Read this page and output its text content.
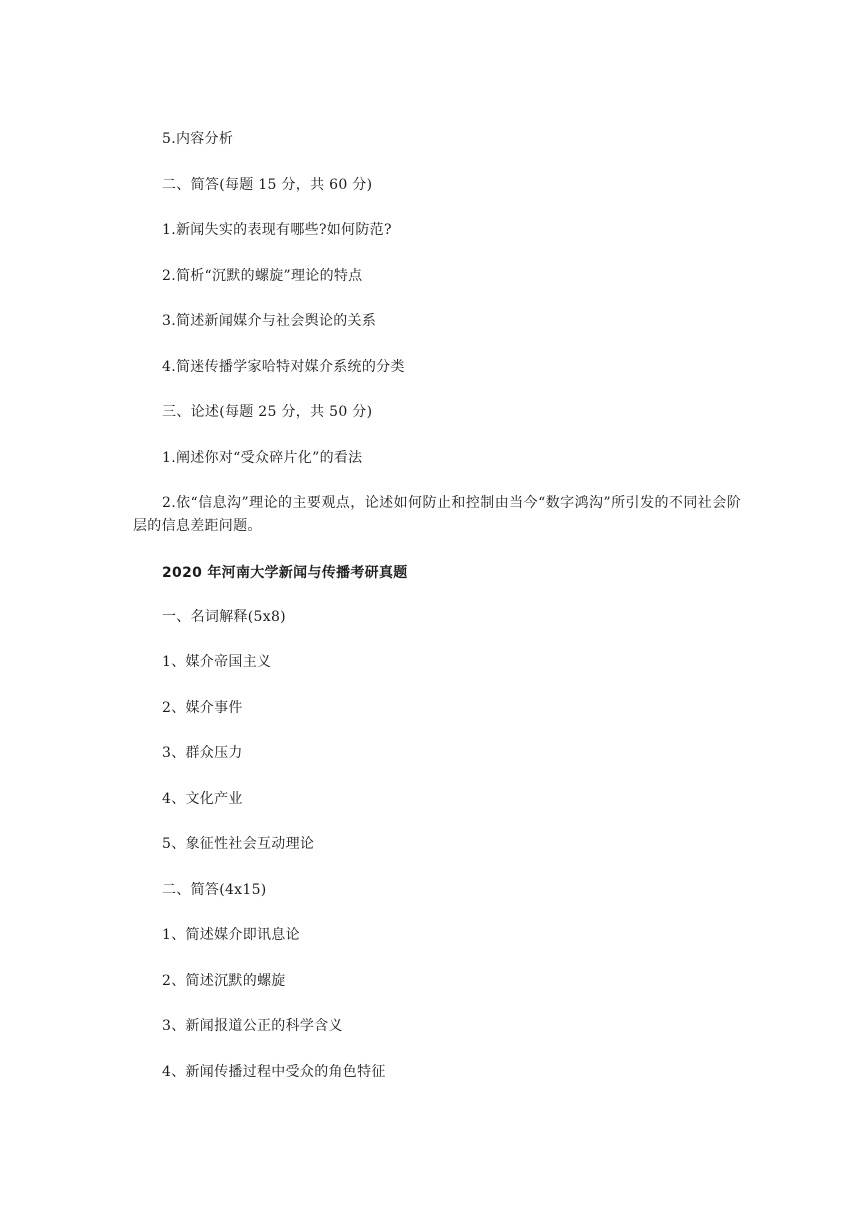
5.内容分析
二、简答(每题 15 分，共 60 分)
1.新闻失实的表现有哪些?如何防范?
2.简析“沉默的螺旋”理论的特点
3.简述新闻媒介与社会舆论的关系
4.简迷传播学家哈特对媒介系统的分类
三、论述(每题 25 分，共 50 分)
1.阐述你对“受众碎片化”的看法
2.依“信息沟”理论的主要观点，论述如何防止和控制由当今“数字鸿沟”所引发的不同社会阶层的信息差距问题。
2020 年河南大学新闻与传播考研真题
一、名词解释(5x8)
1、媒介帝国主义
2、媒介事件
3、群众压力
4、文化产业
5、象征性社会互动理论
二、简答(4x15)
1、简述媒介即讯息论
2、简述沉默的螺旋
3、新闻报道公正的科学含义
4、新闻传播过程中受众的角色特征
